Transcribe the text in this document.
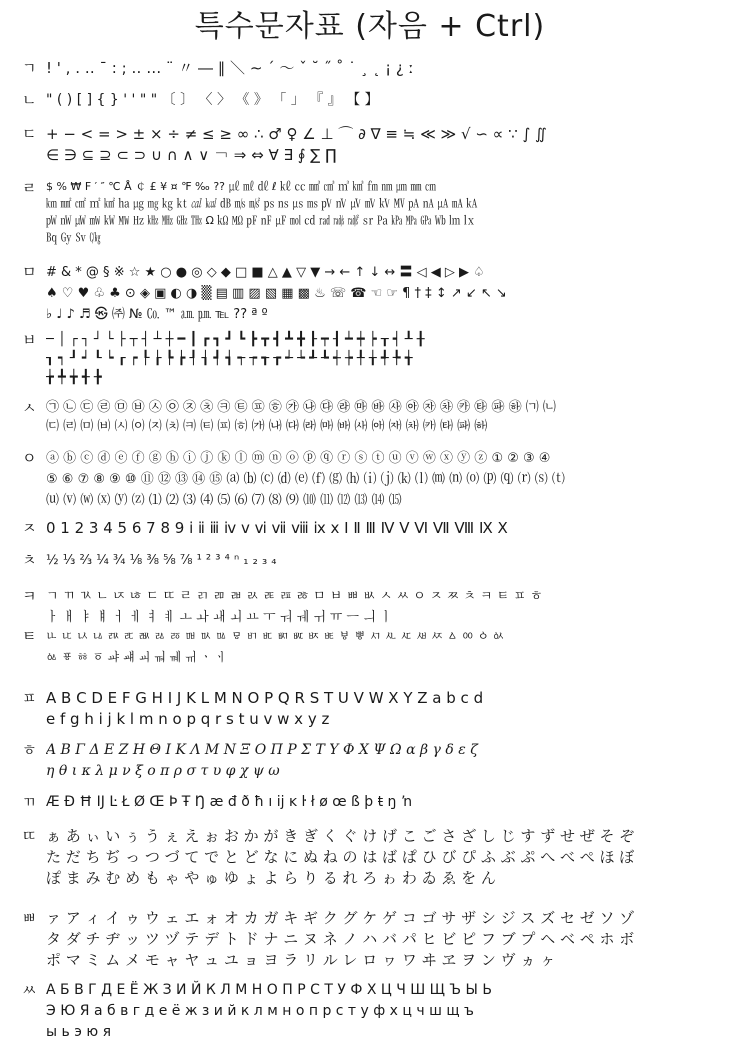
특수문자표 (자음 + Ctrl)
ㄱ ! ' , . ‥ ¯ : ; ‥ … ¨ 〃 ― ∥ ＼ ∼ ´ ～ ˇ ˘ ˝ ˚ ˙ ¸ ˛ ¡ ¿ ː
ㄴ " ( ) [ ] { } ' ' " " 〔 〕 〈 〉 《 》 「 」 『 』 【 】
ㄷ + − < = > ± × ÷ ≠ ≤ ≥ ∞ ∴ ♂ ♀ ∠ ⊥ ⌒ ∂ ∇ ≡ ≒ ≪ ≫ √ ∽ ∝ ∵ ∫ ∬
∈ ∋ ⊆ ⊇ ⊂ ⊃ ∪ ∩ ∧ ∨ ￢ ⇒ ⇔ ∀ ∃ ∮ ∑ ∏
ㄹ $ % ₩ F ′ ″ ℃ Å ￠ £ ¥ ¤ ℉ ‰ ?? ㎕ ㎖ ㎗ ℓ ㎘ ㏄ ㎣ ㎤ ㎥ ㎦ ㎙ ㎚ ㎛ ㎜ ㎝
㎞ ㎟ ㎠ ㎡ ㎢ ㏊ ㎍ ㎎ ㎏ ㏏ ㎈ ㎉ ㏈ ㎧ ㎨ ㎰ ㎱ ㎲ ㎳ ㎴ ㎵ ㎶ ㎷ ㎸ ㎹ ㎀ ㎁ ㎂ ㎃ ㎄
㎺ ㎻ ㎼ ㎽ ㎾ ㎿ ㎐ ㎑ ㎒ ㎓ ㎔ Ω ㏀ ㏁ ㎊ ㎋ ㎌ ㏖ ㏅ ㎭ ㎮ ㎯ ㏛ ㎩ ㎪ ㎫ ㎬ ㏝ ㏐ ㏓
㏃ ㏉ ㏜ ㏆
ㅁ # & * @ § ※ ☆ ★ ○ ● ◎ ◇ ◆ □ ■ △ ▲ ▽ ▼ → ← ↑ ↓ ↔ 〓 ◁ ◀ ▷ ▶ ♤
♠ ♡ ♥ ♧ ♣ ⊙ ◈ ▣ ◐ ◑ ▒ ▤ ▥ ▨ ▧ ▦ ▩ ♨ ☏ ☎ ☜ ☞ ¶ † ‡ ↕ ↗ ↙ ↖ ↘
♭ ♩ ♪ ♬ ㉿ ㈜ № ㏇ ™ ㏂ ㏘ ℡ ?? ª º
ㅂ ─ │ ┌ ┐ ┘ └ ├ ┬ ┤ ┴ ┼ ━ ┃ ┏ ┓ ┛ ┗ ┣ ┳ ┫ ┻ ╋ ┠ ┯ ┨ ┷ ┿ ┝ ┰ ┥ ┸ ╂
┒ ┑ ┚ ┙ ┖ ┕ ┎ ┍ ┞ ┟ ┡ ┢ ┦ ┧ ┩ ┪ ┭ ┮ ┱ ┲ ┵ ┶ ┹ ┺ ┽ ┾ ╀ ╁ ╃ ╄ ╅
╆ ╇ ╈ ╉ ╊
ㅅ ㉠ ㉡ ㉢ ㉣ ㉤ ㉥ ㉦ ㉧ ㉨ ㉩ ㉪ ㉫ ㉬ ㉭ ㉮ ㉯ ㉰ ㉱ ㉲ ㉳ ㉴ ㉵ ㉶ ㉷ ㉸ ㉹ ㉺ ㉻ ㈀ ㈁
㈂ ㈃ ㈄ ㈅ ㈆ ㈇ ㈈ ㈉ ㈊ ㈋ ㈌ ㈍ ㈎ ㈏ ㈐ ㈑ ㈒ ㈓ ㈔ ㈕ ㈖ ㈗ ㈘ ㈙ ㈚ ㈛
ㅇ ⓐ ⓑ ⓒ ⓓ ⓔ ⓕ ⓖ ⓗ ⓘ ⓙ ⓚ ⓛ ⓜ ⓝ ⓞ ⓟ ⓠ ⓡ ⓢ ⓣ ⓤ ⓥ ⓦ ⓧ ⓨ ⓩ ① ② ③ ④
⑤ ⑥ ⑦ ⑧ ⑨ ⑩ ⑪ ⑫ ⑬ ⑭ ⑮ ⒜ ⒝ ⒞ ⒟ ⒠ ⒡ ⒢ ⒣ ⒤ ⒥ ⒦ ⒧ ⒨ ⒩ ⒪ ⒫ ⒬ ⒭ ⒮ ⒯
⒰ ⒱ ⒲ ⒳ ⒴ ⒵ ⑴ ⑵ ⑶ ⑷ ⑸ ⑹ ⑺ ⑻ ⑼ ⑽ ⑾ ⑿ ⒀ ⒁ ⒂
ㅈ 0 1 2 3 4 5 6 7 8 9 ⅰ ⅱ ⅲ ⅳ ⅴ ⅵ ⅶ ⅷ ⅸ ⅹ Ⅰ Ⅱ Ⅲ Ⅳ Ⅴ Ⅵ Ⅶ Ⅷ Ⅸ Ⅹ
ㅊ ½ ⅓ ⅔ ¼ ¾ ⅛ ⅜ ⅝ ⅞ ¹ ² ³ ⁴ ⁿ ₁ ₂ ₃ ₄
ㅋ ㄱ ㄲ ㄳ ㄴ ㄵ ㄶ ㄷ ㄸ ㄹ ㄺ ㄻ ㄼ ㄽ ㄾ ㄿ ㅀ ㅁ ㅂ ㅃ ㅄ ㅅ ㅆ ㅇ ㅈ ㅉ ㅊ ㅋ ㅌ ㅍ ㅎ
ㅏ ㅐ ㅑ ㅒ ㅓ ㅔ ㅕ ㅖ ㅗ ㅘ ㅙ ㅚ ㅛ ㅜ ㅝ ㅞ ㅟ ㅠ ㅡ ㅢ ㅣ
ㅌ ㅥ ㅦ ㅧ ㅨ ㅩ ㅪ ㅫ ㅬ ㅭ ㅮ ㅯ ㅰ ㅱ ㅲ ㅳ ㅴ ㅵ ㅶ ㅷ ㅸ ㅹ ㅺ ㅻ ㅼ ㅽ ㅾ ㅿ ㆀ ㆁ ㆂ
ㆃ ㆄ ㆅ ㆆ ㆇ ㆈ ㆉ ㆊ ㆋ ㆌ ㆍ ㆎ
ㅍ A B C D E F G H I J K L M N O P Q R S T U V W X Y Z a b c d
e f g h i j k l m n o p q r s t u v w x y z
ㅎ Α Β Γ Δ Ε Ζ Η Θ Ι Κ Λ Μ Ν Ξ Ο Π Ρ Σ Τ Υ Φ Χ Ψ Ω α β γ δ ε ζ
η θ ι κ λ μ ν ξ ο π ρ σ τ υ φ χ ψ ω
ㄲ Æ Ð Ħ Ĳ Ŀ Ł Ø Œ Þ Ŧ Ŋ æ đ ð ħ ı ĳ ĸ ŀ ł ø œ ß þ ŧ ŋ ŉ
ㄸ ぁ あ ぃ い ぅ う ぇ え ぉ お か が き ぎ く ぐ け げ こ ご さ ざ し じ す ず せ ぜ そ ぞ
た だ ち ぢ っ つ づ て で と ど な に ぬ ね の は ば ぱ ひ び ぴ ふ ぶ ぷ へ べ ぺ ほ ぼ
ぽ ま み む め も ゃ や ゅ ゆ ょ よ ら り る れ ろ ゎ わ ゐ ゑ を ん
ㅃ ァ ア ィ イ ゥ ウ ェ エ ォ オ カ ガ キ ギ ク グ ケ ゲ コ ゴ サ ザ シ ジ ス ズ セ ゼ ソ ゾ
タ ダ チ ヂ ッ ツ ヅ テ デ ト ド ナ ニ ヌ ネ ノ ハ バ パ ヒ ビ ピ フ ブ プ ヘ ベ ペ ホ ボ
ポ マ ミ ム メ モ ャ ヤ ュ ユ ョ ヨ ラ リ ル レ ロ ヮ ワ ヰ ヱ ヲ ン ヴ ヵ ヶ
ㅆ А Б В Г Д Е Ё Ж З И Й К Л М Н О П Р С Т У Ф Х Ц Ч Ш Щ Ъ Ы Ь
Э Ю Я а б в г д е ё ж з и й к л м н о п р с т у ф х ц ч ш щ ъ
ы ь э ю я
